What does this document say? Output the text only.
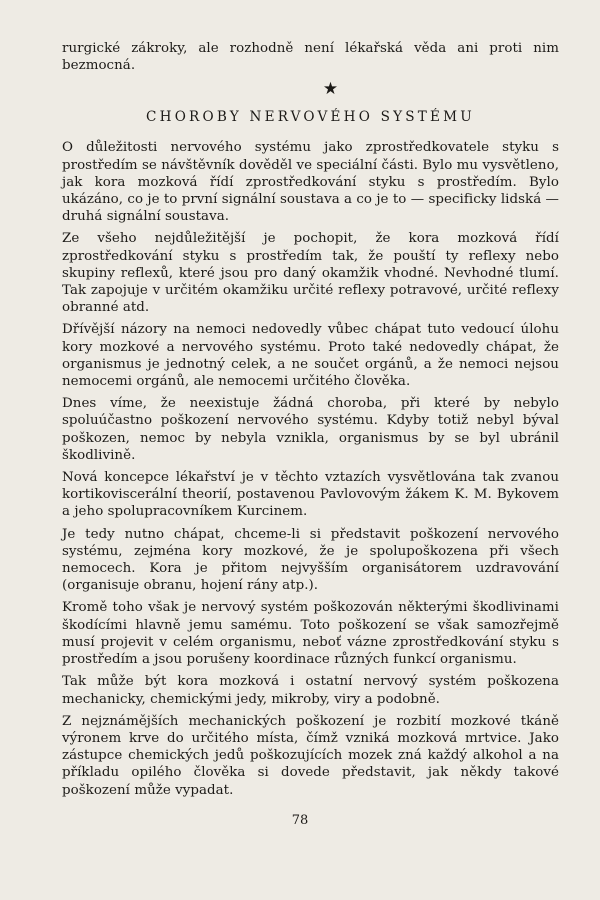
rurgické zákroky, ale rozhodně není lékařská věda ani proti nim bezmocná.

★
CHOROBY NERVOVÉHO SYSTÉMU

O důležitosti nervového systému jako zprostředkovatele styku s prostředím se návštěvník dověděl ve speciální části. Bylo mu vysvětleno, jak kora mozková řídí zprostředkování styku s prostředím. Bylo ukázáno, co je to první signální soustava a co je to — specificky lidská — druhá signální soustava.

Ze všeho nejdůležitější je pochopit, že kora mozková řídí zprostředkování styku s prostředím tak, že pouští ty reflexy nebo skupiny reflexů, které jsou pro daný okamžik vhodné. Nevhodné tlumí. Tak zapojuje v určitém okamžiku určité reflexy potravové, určité reflexy obranné atd.

Dřívější názory na nemoci nedovedly vůbec chápat tuto vedoucí úlohu kory mozkové a nervového systému. Proto také nedovedly chápat, že organismus je jednotný celek, a ne součet orgánů, a že nemoci nejsou nemocemi orgánů, ale nemocemi určitého člověka.

Dnes víme, že neexistuje žádná choroba, při které by nebylo spoluúčastno poškození nervového systému. Kdyby totiž nebyl býval poškozen, nemoc by nebyla vznikla, organismus by se byl ubránil škodlivině.

Nová koncepce lékařství je v těchto vztazích vysvětlována tak zvanou kortikoviscerální theorií, postavenou Pavlovovým žákem K. M. Bykovem a jeho spolupracovníkem Kurcinem.

Je tedy nutno chápat, chceme-li si představit poškození nervového systému, zejména kory mozkové, že je spolupoškozena při všech nemocech. Kora je přitom nejvyšším organisátorem uzdravování (organisuje obranu, hojení rány atp.).

Kromě toho však je nervový systém poškozován některými škodlivinami škodícími hlavně jemu samému. Toto poškození se však samozřejmě musí projevit v celém organismu, neboť vázne zprostředkování styku s prostředím a jsou porušeny koordinace různých funkcí organismu.

Tak může být kora mozková i ostatní nervový systém poškozena mechanicky, chemickými jedy, mikroby, viry a podobně.

Z nejznámějších mechanických poškození je rozbití mozkové tkáně výronem krve do určitého místa, čímž vzniká mozková mrtvice. Jako zástupce chemických jedů poškozujících mozek zná každý alkohol a na příkladu opilého člověka si dovede představit, jak někdy takové poškození může vypadat.

78
